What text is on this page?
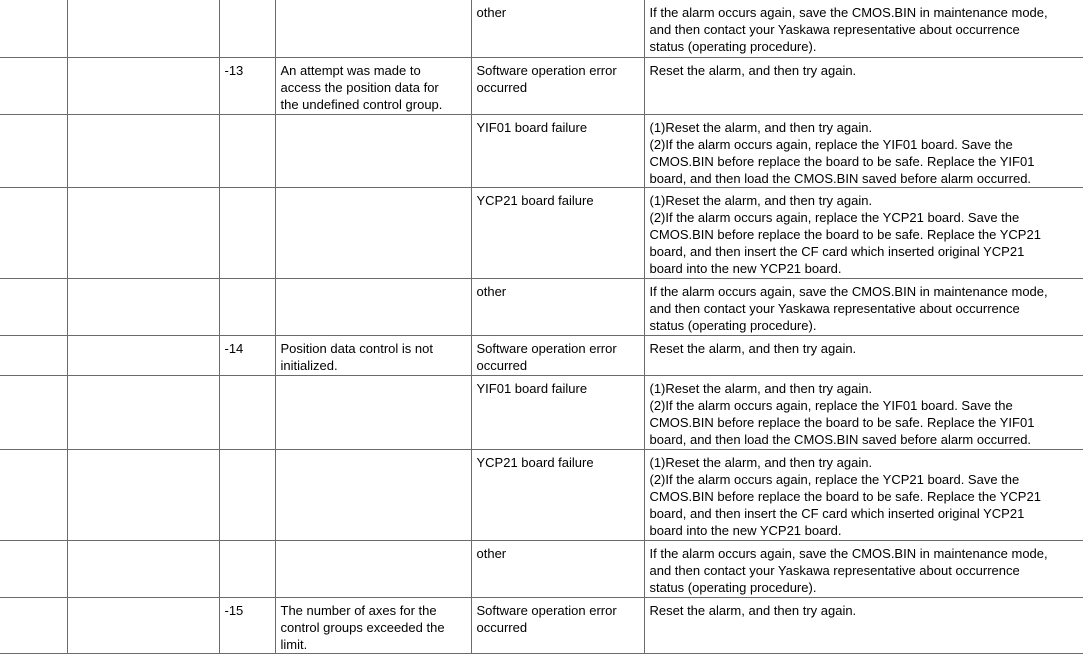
				other	If the alarm occurs again, save the CMOS.BIN in maintenance mode,
and then contact your Yaskawa representative about occurrence
status (operating procedure).

		-13	An attempt was made to
access the position data for
the undefined control group.	Software operation error
occurred	Reset the alarm, and then try again.

				YIF01 board failure	(1)Reset the alarm, and then try again.
(2)If the alarm occurs again, replace the YIF01 board. Save the
CMOS.BIN before replace the board to be safe. Replace the YIF01
board, and then load the CMOS.BIN saved before alarm occurred.

				YCP21 board failure	(1)Reset the alarm, and then try again.
(2)If the alarm occurs again, replace the YCP21 board. Save the
CMOS.BIN before replace the board to be safe. Replace the YCP21
board, and then insert the CF card which inserted original YCP21
board into the new YCP21 board.

				other	If the alarm occurs again, save the CMOS.BIN in maintenance mode,
and then contact your Yaskawa representative about occurrence
status (operating procedure).

		-14	Position data control is not
initialized.	Software operation error
occurred	Reset the alarm, and then try again.

				YIF01 board failure	(1)Reset the alarm, and then try again.
(2)If the alarm occurs again, replace the YIF01 board. Save the
CMOS.BIN before replace the board to be safe. Replace the YIF01
board, and then load the CMOS.BIN saved before alarm occurred.

				YCP21 board failure	(1)Reset the alarm, and then try again.
(2)If the alarm occurs again, replace the YCP21 board. Save the
CMOS.BIN before replace the board to be safe. Replace the YCP21
board, and then insert the CF card which inserted original YCP21
board into the new YCP21 board.

				other	If the alarm occurs again, save the CMOS.BIN in maintenance mode,
and then contact your Yaskawa representative about occurrence
status (operating procedure).

		-15	The number of axes for the
control groups exceeded the
limit.	Software operation error
occurred	Reset the alarm, and then try again.
